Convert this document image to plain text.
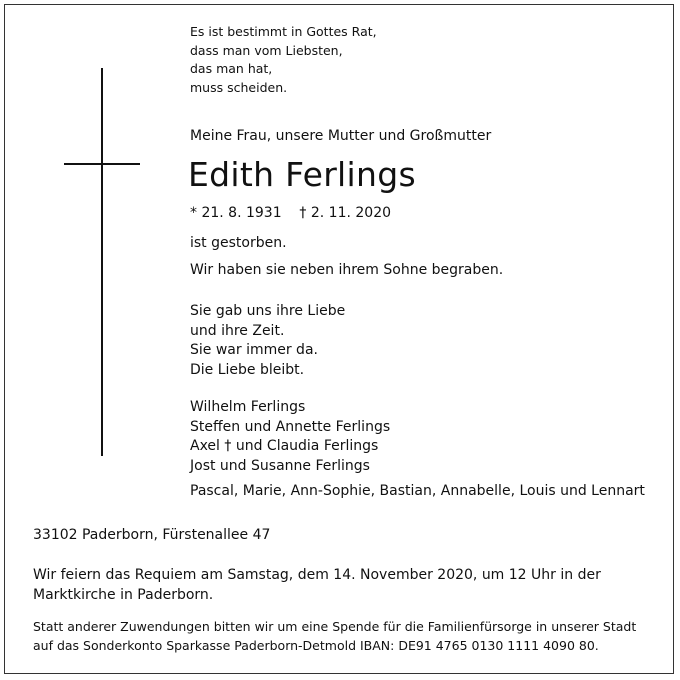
Es ist bestimmt in Gottes Rat,
dass man vom Liebsten,
das man hat,
muss scheiden.
Meine Frau, unsere Mutter und Großmutter
Edith Ferlings
* 21. 8. 1931    † 2. 11. 2020
ist gestorben.
Wir haben sie neben ihrem Sohne begraben.
Sie gab uns ihre Liebe
und ihre Zeit.
Sie war immer da.
Die Liebe bleibt.
Wilhelm Ferlings
Steffen und Annette Ferlings
Axel † und Claudia Ferlings
Jost und Susanne Ferlings
Pascal, Marie, Ann-Sophie, Bastian, Annabelle, Louis und Lennart
33102 Paderborn, Fürstenallee 47
Wir feiern das Requiem am Samstag, dem 14. November 2020, um 12 Uhr in der
Marktkirche in Paderborn.
Statt anderer Zuwendungen bitten wir um eine Spende für die Familienfürsorge in unserer Stadt
auf das Sonderkonto Sparkasse Paderborn-Detmold IBAN: DE91 4765 0130 1111 4090 80.
